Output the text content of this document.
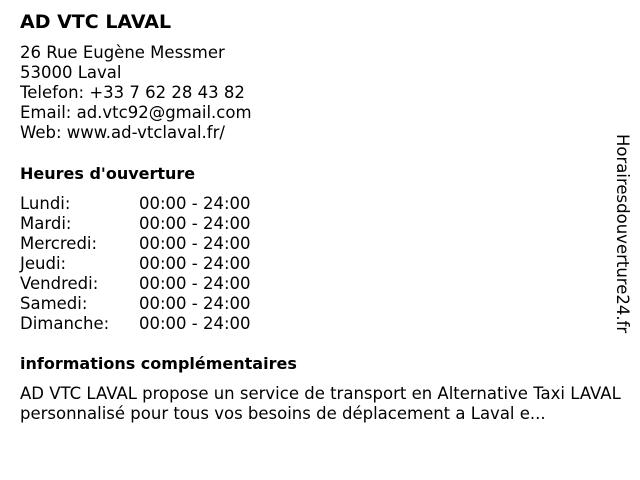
AD VTC LAVAL
26 Rue Eugène Messmer
53000 Laval
Telefon: +33 7 62 28 43 82
Email: ad.vtc92@gmail.com
Web: www.ad-vtclaval.fr/
Heures d'ouverture
Lundi:	00:00 - 24:00
Mardi:	00:00 - 24:00
Mercredi:	00:00 - 24:00
Jeudi:	00:00 - 24:00
Vendredi:	00:00 - 24:00
Samedi:	00:00 - 24:00
Dimanche:	00:00 - 24:00
informations complémentaires
AD VTC LAVAL propose un service de transport en Alternative Taxi LAVAL personnalisé pour tous vos besoins de déplacement a Laval e...
Horairesdouverture24.fr
